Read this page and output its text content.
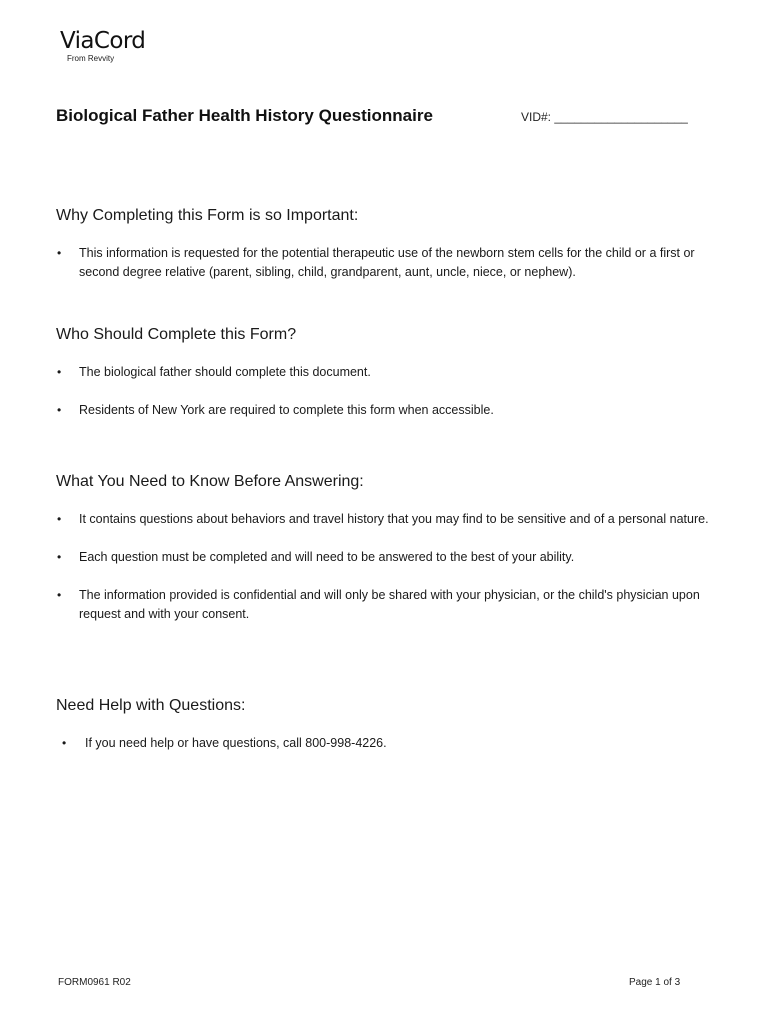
ViaCord
From Revvity
Biological Father Health History Questionnaire	VID#: ____________________
Why Completing this Form is so Important:
• This information is requested for the potential therapeutic use of the newborn stem cells for the child or a first or second degree relative (parent, sibling, child, grandparent, aunt, uncle, niece, or nephew).
Who Should Complete this Form?
• The biological father should complete this document.
• Residents of New York are required to complete this form when accessible.
What You Need to Know Before Answering:
• It contains questions about behaviors and travel history that you may find to be sensitive and of a personal nature.
• Each question must be completed and will need to be answered to the best of your ability.
• The information provided is confidential and will only be shared with your physician, or the child's physician upon request and with your consent.
Need Help with Questions:
• If you need help or have questions, call 800-998-4226.
FORM0961 R02	Page 1 of 3
